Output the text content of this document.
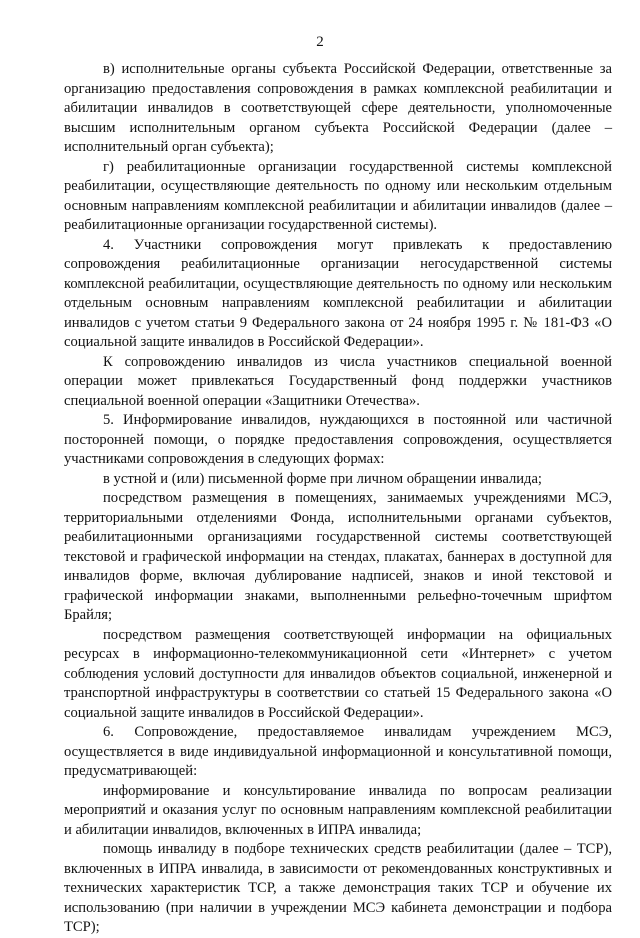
2

в) исполнительные органы субъекта Российской Федерации, ответственные за организацию предоставления сопровождения в рамках комплексной реабилитации и абилитации инвалидов в соответствующей сфере деятельности, уполномоченные высшим исполнительным органом субъекта Российской Федерации (далее – исполнительный орган субъекта);

г) реабилитационные организации государственной системы комплексной реабилитации, осуществляющие деятельность по одному или нескольким отдельным основным направлениям комплексной реабилитации и абилитации инвалидов (далее – реабилитационные организации государственной системы).

4. Участники сопровождения могут привлекать к предоставлению сопровождения реабилитационные организации негосударственной системы комплексной реабилитации, осуществляющие деятельность по одному или нескольким отдельным основным направлениям комплексной реабилитации и абилитации инвалидов с учетом статьи 9 Федерального закона от 24 ноября 1995 г. № 181-ФЗ «О социальной защите инвалидов в Российской Федерации».

К сопровождению инвалидов из числа участников специальной военной операции может привлекаться Государственный фонд поддержки участников специальной военной операции «Защитники Отечества».

5. Информирование инвалидов, нуждающихся в постоянной или частичной посторонней помощи, о порядке предоставления сопровождения, осуществляется участниками сопровождения в следующих формах:

в устной и (или) письменной форме при личном обращении инвалида;

посредством размещения в помещениях, занимаемых учреждениями МСЭ, территориальными отделениями Фонда, исполнительными органами субъектов, реабилитационными организациями государственной системы соответствующей текстовой и графической информации на стендах, плакатах, баннерах в доступной для инвалидов форме, включая дублирование надписей, знаков и иной текстовой и графической информации знаками, выполненными рельефно-точечным шрифтом Брайля;

посредством размещения соответствующей информации на официальных ресурсах в информационно-телекоммуникационной сети «Интернет» с учетом соблюдения условий доступности для инвалидов объектов социальной, инженерной и транспортной инфраструктуры в соответствии со статьей 15 Федерального закона «О социальной защите инвалидов в Российской Федерации».

6. Сопровождение, предоставляемое инвалидам учреждением МСЭ, осуществляется в виде индивидуальной информационной и консультативной помощи, предусматривающей:

информирование и консультирование инвалида по вопросам реализации мероприятий и оказания услуг по основным направлениям комплексной реабилитации и абилитации инвалидов, включенных в ИПРА инвалида;

помощь инвалиду в подборе технических средств реабилитации (далее – ТСР), включенных в ИПРА инвалида, в зависимости от рекомендованных конструктивных и технических характеристик ТСР, а также демонстрация таких ТСР и обучение их использованию (при наличии в учреждении МСЭ кабинета демонстрации и подбора ТСР);
